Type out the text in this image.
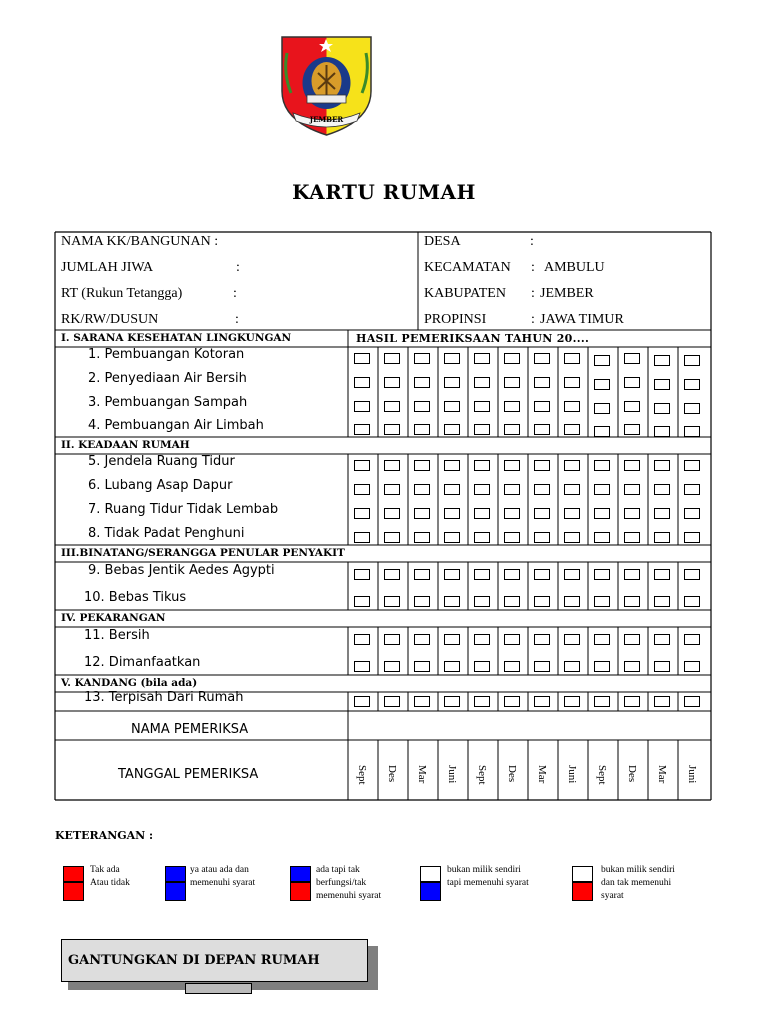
JEMBER
KARTU RUMAH
NAMA KK/BANGUNAN :
JUMLAH JIWA	:
RT (Rukun Tetangga)	:
RK/RW/DUSUN	:
DESA	:
KECAMATAN : AMBULU
KABUPATEN : JEMBER
PROPINSI	: JAWA TIMUR
I. SARANA KESEHATAN LINGKUNGAN
II. KEADAAN RUMAH
III.BINATANG/SERANGGA PENULAR PENYAKIT
IV. PEKARANGAN
V. KANDANG (bila ada)
HASIL PEMERIKSAAN TAHUN 20....
1. Pembuangan Kotoran
2. Penyediaan Air Bersih
3. Pembuangan Sampah
4. Pembuangan Air Limbah
5. Jendela Ruang Tidur
6. Lubang Asap Dapur
7. Ruang Tidur Tidak Lembab
8. Tidak Padat Penghuni
9. Bebas Jentik Aedes Agypti
10. Bebas Tikus
11. Bersih
12. Dimanfaatkan
13. Terpisah Dari Rumah
NAMA PEMERIKSA
TANGGAL PEMERIKSA	Sept Des Mar Juni Sept Des Mar Juni Sept Des Mar Juni
KETERANGAN :
Tak ada
Atau tidak
ya atau ada dan
memenuhi syarat
ada tapi tak
berfungsi/tak
memenuhi syarat
bukan milik sendiri
tapi memenuhi syarat
bukan milik sendiri
dan tak memenuhi
syarat
GANTUNGKAN DI DEPAN RUMAH
